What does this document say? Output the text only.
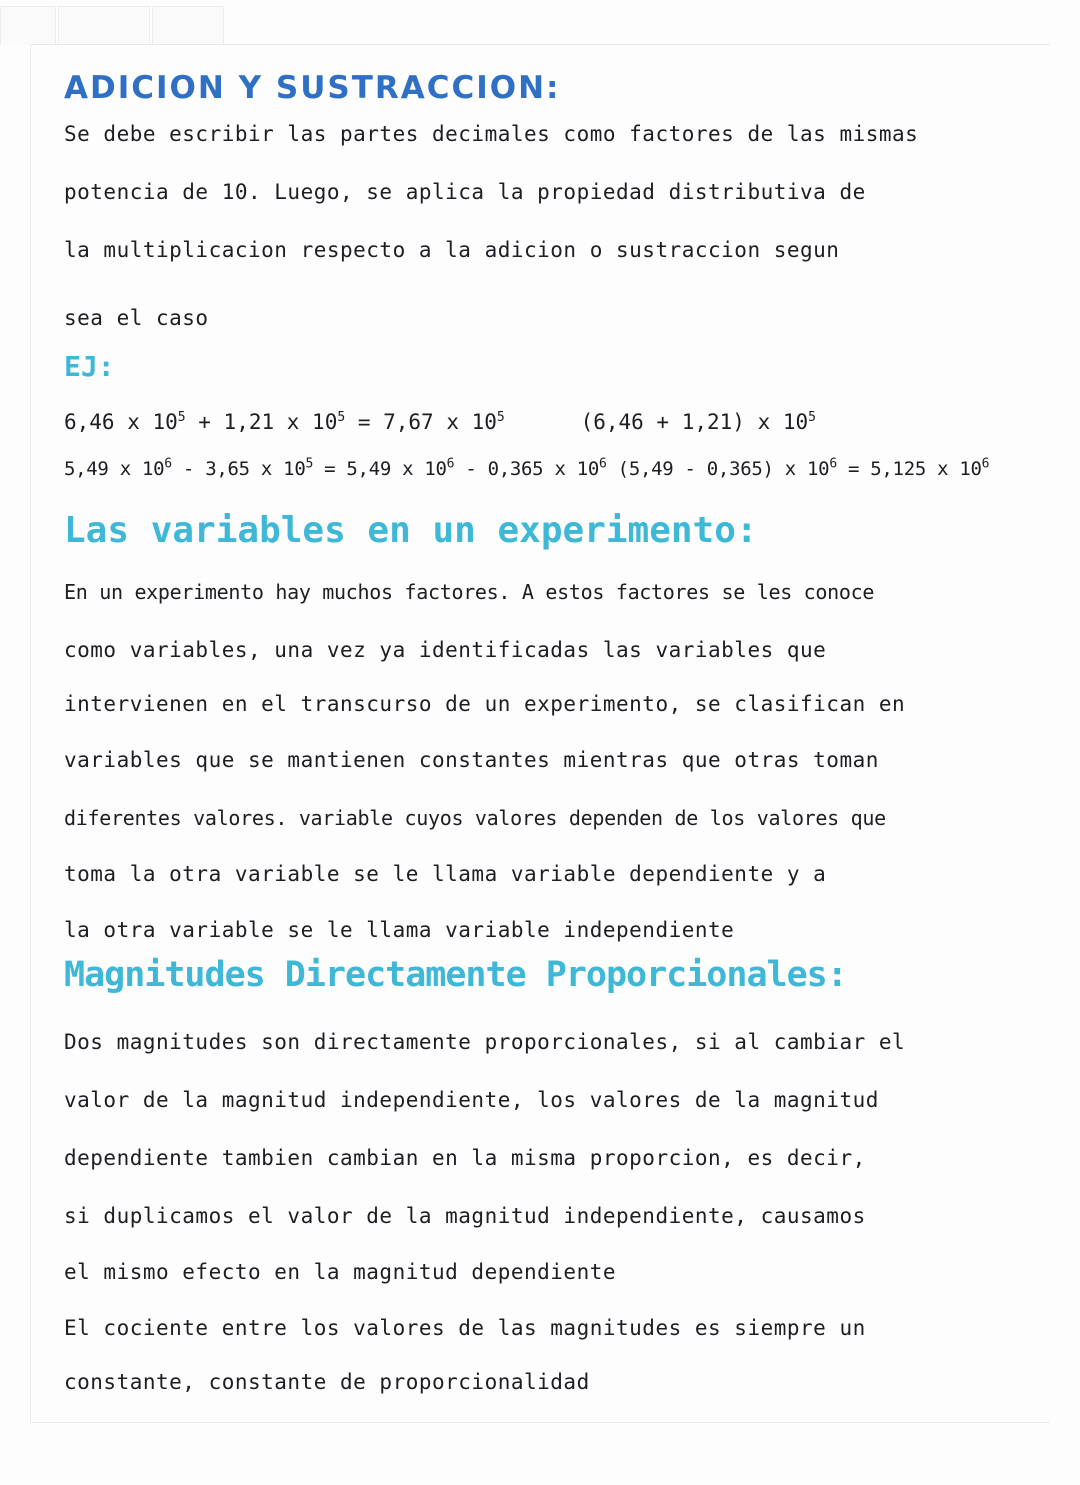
ADICION Y SUSTRACCION:

Se debe escribir las partes decimales como factores de las mismas

potencia de 10. Luego, se aplica la propiedad distributiva de

la multiplicacion respecto a la adicion o sustraccion segun

sea el caso

EJ:

6,46 x $10^5 + 1,21$ x $10^5 = 7,67$ x $10^5$      (6,46 + 1,21) x $10^5$

5,49 x $10^6 - 3,65$ x $10^5 = 5,49$ x $10^6 - 0,365$ x $10^6$ (5,49 - 0,365) x $10^6 = 5,125$ x $10^6$

Las variables en un experimento:

En un experimento hay muchos factores. A estos factores se les conoce

como variables, una vez ya identificadas las variables que

intervienen en el transcurso de un experimento, se clasifican en

variables que se mantienen constantes mientras que otras toman

diferentes valores. variable cuyos valores dependen de los valores que

toma la otra variable se le llama variable dependiente y a

la otra variable se le llama variable independiente

Magnitudes Directamente Proporcionales:

Dos magnitudes son directamente proporcionales, si al cambiar el

valor de la magnitud independiente, los valores de la magnitud

dependiente tambien cambian en la misma proporcion, es decir,

si duplicamos el valor de la magnitud independiente, causamos

el mismo efecto en la magnitud dependiente

El cociente entre los valores de las magnitudes es siempre un

constante, constante de proporcionalidad
